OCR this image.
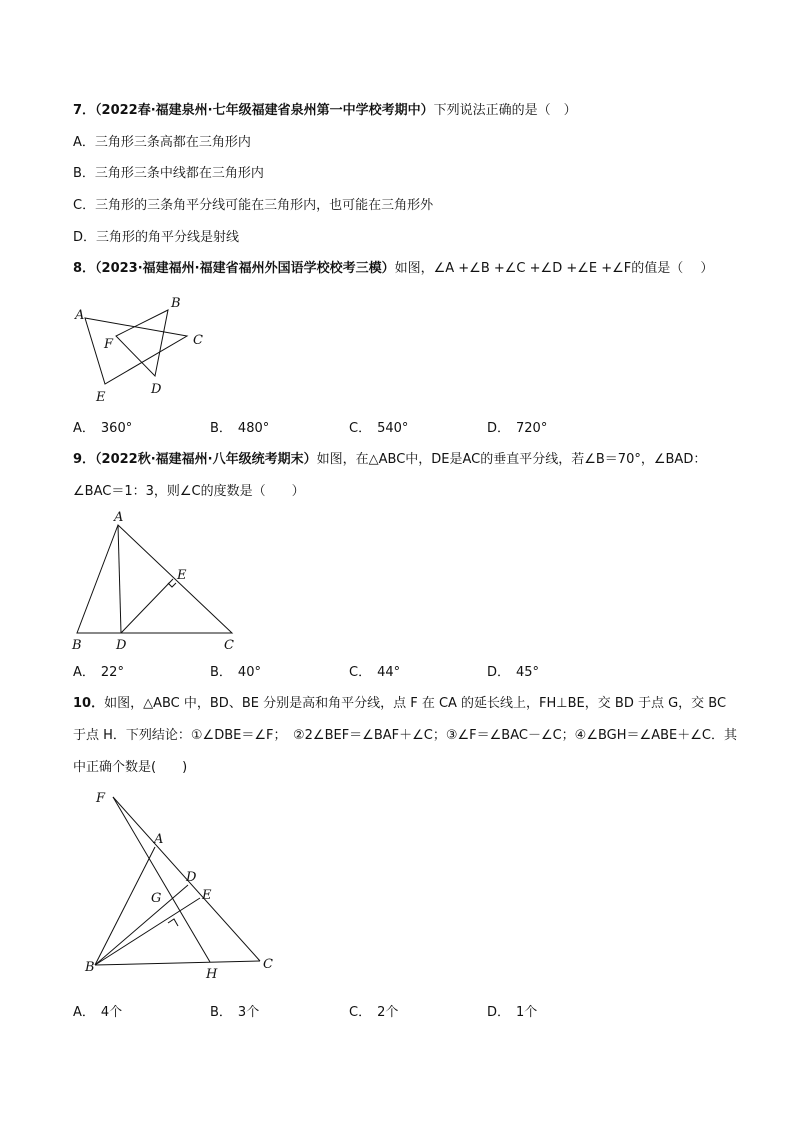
7．（2022春·福建泉州·七年级福建省泉州第一中学校考期中）下列说法正确的是（　）
A．三角形三条高都在三角形内
B．三角形三条中线都在三角形内
C．三角形的三条角平分线可能在三角形内，也可能在三角形外
D．三角形的角平分线是射线
8．（2023·福建福州·福建省福州外国语学校校考三模）如图，∠A +∠B +∠C +∠D +∠E +∠F的值是（　 ）
A
B
C
D
E
F
A． 360°	B． 480°	C． 540°	D． 720°
9．（2022秋·福建福州·八年级统考期末）如图，在△ABC中，DE是AC的垂直平分线，若∠B＝70°，∠BAD：
∠BAC＝1：3，则∠C的度数是（　　）
A
B	C
D
E
A． 22°	B． 40°	C． 44°	D． 45°
10．如图，△ABC 中，BD、BE 分别是高和角平分线，点 F 在 CA 的延长线上，FH⊥BE，交 BD 于点 G，交 BC
于点 H．下列结论：①∠DBE＝∠F；　②2∠BEF＝∠BAF＋∠C；③∠F＝∠BAC－∠C；④∠BGH＝∠ABE＋∠C．其
中正确个数是(　　)
F
A
D
G	E
B	H
C
A． 4个	B． 3个	C． 2个	D． 1个
